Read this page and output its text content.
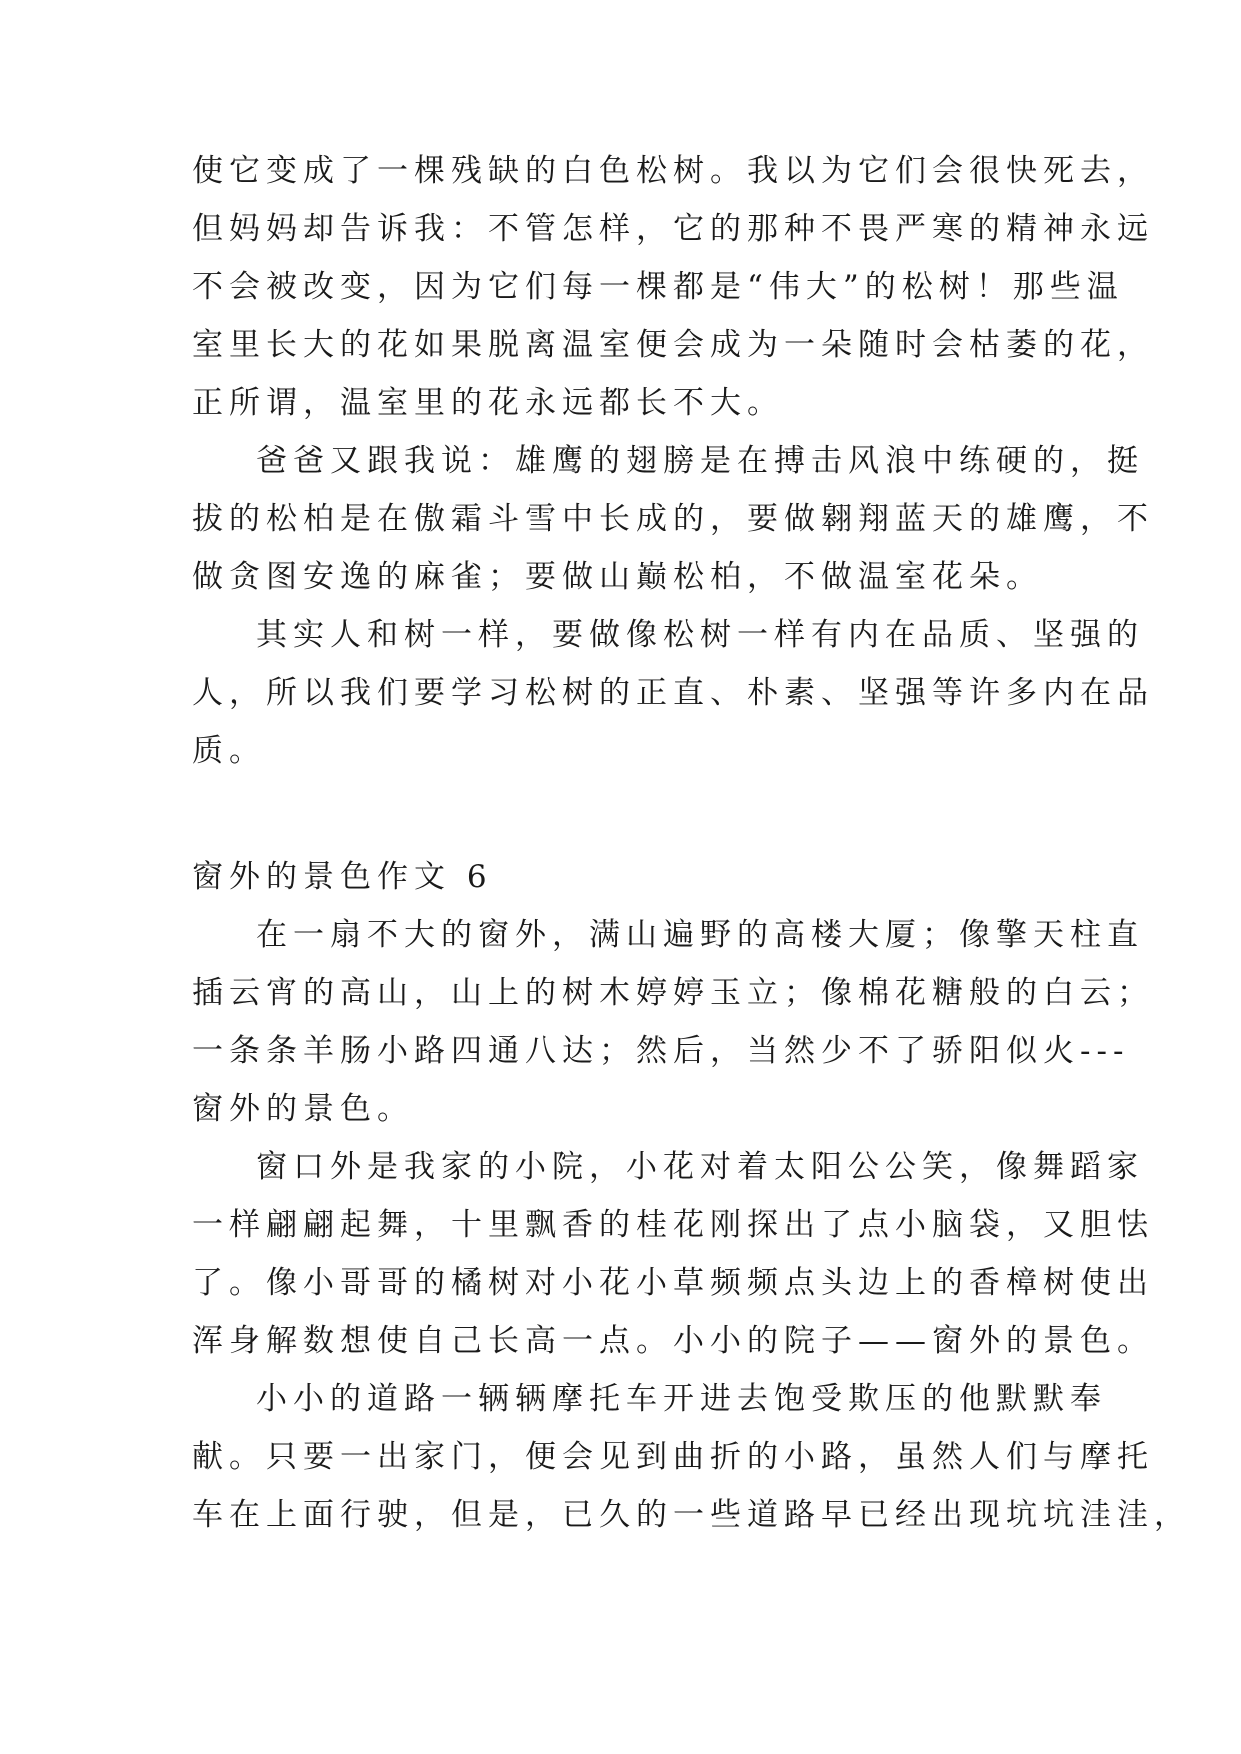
使它变成了一棵残缺的白色松树。我以为它们会很快死去，
但妈妈却告诉我：不管怎样，它的那种不畏严寒的精神永远
不会被改变，因为它们每一棵都是“伟大”的松树！那些温
室里长大的花如果脱离温室便会成为一朵随时会枯萎的花，
正所谓，温室里的花永远都长不大。
爸爸又跟我说：雄鹰的翅膀是在搏击风浪中练硬的，挺
拔的松柏是在傲霜斗雪中长成的，要做翱翔蓝天的雄鹰，不
做贪图安逸的麻雀；要做山巅松柏，不做温室花朵。
其实人和树一样，要做像松树一样有内在品质、坚强的
人，所以我们要学习松树的正直、朴素、坚强等许多内在品
质。
窗外的景色作文 6
在一扇不大的窗外，满山遍野的高楼大厦；像擎天柱直
插云宵的高山，山上的树木婷婷玉立；像棉花糖般的白云；
一条条羊肠小路四通八达；然后，当然少不了骄阳似火---
窗外的景色。
窗口外是我家的小院，小花对着太阳公公笑，像舞蹈家
一样翩翩起舞，十里飘香的桂花刚探出了点小脑袋，又胆怯
了。像小哥哥的橘树对小花小草频频点头边上的香樟树使出
浑身解数想使自己长高一点。小小的院子——窗外的景色。
小小的道路一辆辆摩托车开进去饱受欺压的他默默奉
献。只要一出家门，便会见到曲折的小路，虽然人们与摩托
车在上面行驶，但是，已久的一些道路早已经出现坑坑洼洼，
